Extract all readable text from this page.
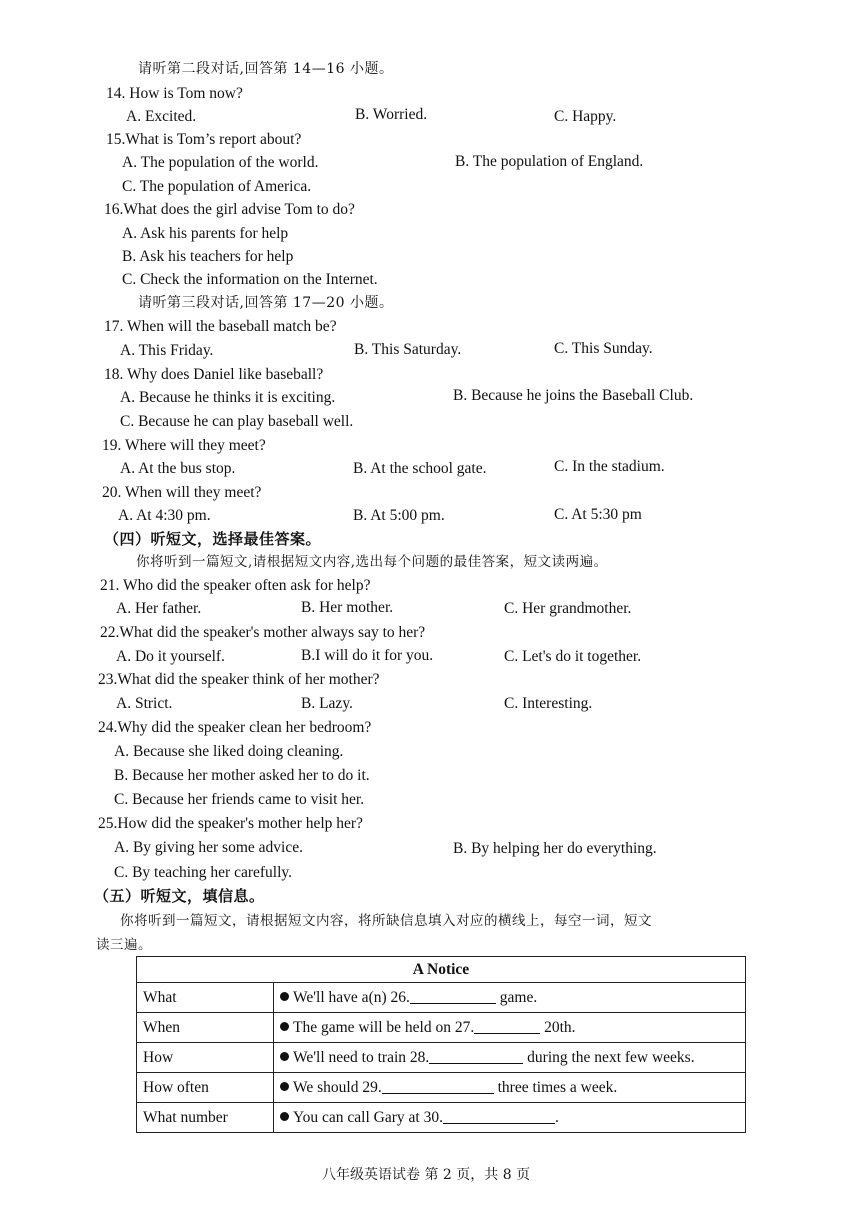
请听第二段对话,回答第 14—16 小题。
14. How is Tom now?
A. Excited.	B. Worried.	C. Happy.
15.What is Tom’s report about?
A. The population of the world.	B. The population of England.
C. The population of America.
16.What does the girl advise Tom to do?
A. Ask his parents for help
B. Ask his teachers for help
C. Check the information on the Internet.
请听第三段对话,回答第 17—20 小题。
17. When will the baseball match be?
A. This Friday.	B. This Saturday.	C. This Sunday.
18. Why does Daniel like baseball?
A. Because he thinks it is exciting.	B. Because he joins the Baseball Club.
C. Because he can play baseball well.
19. Where will they meet?
A. At the bus stop.	B. At the school gate.	C. In the stadium.
20. When will they meet?
A. At 4:30 pm.	B. At 5:00 pm.	C. At 5:30 pm
（四）听短文，选择最佳答案。
你将听到一篇短文,请根据短文内容,选出每个问题的最佳答案，短文读两遍。
21. Who did the speaker often ask for help?
A. Her father.	B. Her mother.	C. Her grandmother.
22.What did the speaker's mother always say to her?
A. Do it yourself.	B.I will do it for you.	C. Let's do it together.
23.What did the speaker think of her mother?
A. Strict.	B. Lazy.	C. Interesting.
24.Why did the speaker clean her bedroom?
A. Because she liked doing cleaning.
B. Because her mother asked her to do it.
C. Because her friends came to visit her.
25.How did the speaker's mother help her?
A. By giving her some advice.	B. By helping her do everything.
C. By teaching her carefully.
（五）听短文，填信息。
你将听到一篇短文，请根据短文内容，将所缺信息填入对应的横线上，每空一词，短文
读三遍。
A Notice	
What	We'll have a(n) 26. game.
When	The game will be held on 27. 20th.
How	We'll need to train 28. during the next few weeks.
How often	We should 29. three times a week.
What number	You can call Gary at 30. .
八年级英语试卷 第 2 页，共 8 页
